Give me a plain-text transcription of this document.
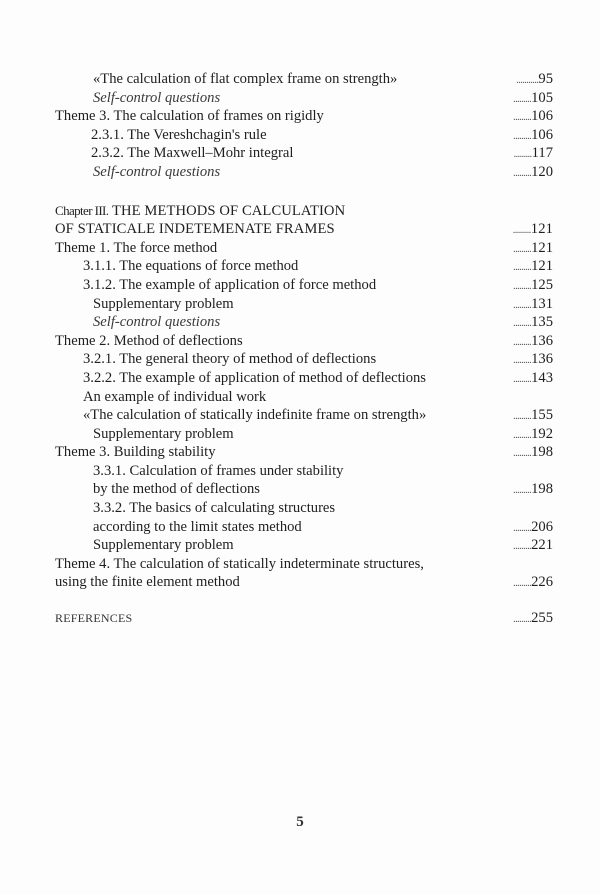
«The calculation of flat complex frame on strength»	...........95
Self-control questions	.........105
Theme 3. The calculation of frames on rigidly	.........106
2.3.1. The Vereshchagin's rule	.........106
2.3.2. The Maxwell–Mohr integral	.........117
Self-control questions	.........120
Chapter III. THE METHODS OF CALCULATION
OF STATICALE INDETEMENATE FRAMES	.........121
Theme 1. The force method	.........121
3.1.1. The equations of force method	.........121
3.1.2. The example of application of force method	.........125
Supplementary problem	.........131
Self-control questions	.........135
Theme 2. Method of deflections	.........136
3.2.1. The general theory of method of deflections	.........136
3.2.2. The example of application of method of deflections	.........143
An example of individual work
«The calculation of statically indefinite frame on strength»	.........155
Supplementary problem	.........192
Theme 3. Building stability	.........198
3.3.1. Calculation of frames under stability
by the method of deflections	.........198
3.3.2. The basics of calculating structures
according to the limit states method	.........206
Supplementary problem	.........221
Theme 4. The calculation of statically indeterminate structures,
using the finite element method	.........226
REFERENCES	.........255
5
